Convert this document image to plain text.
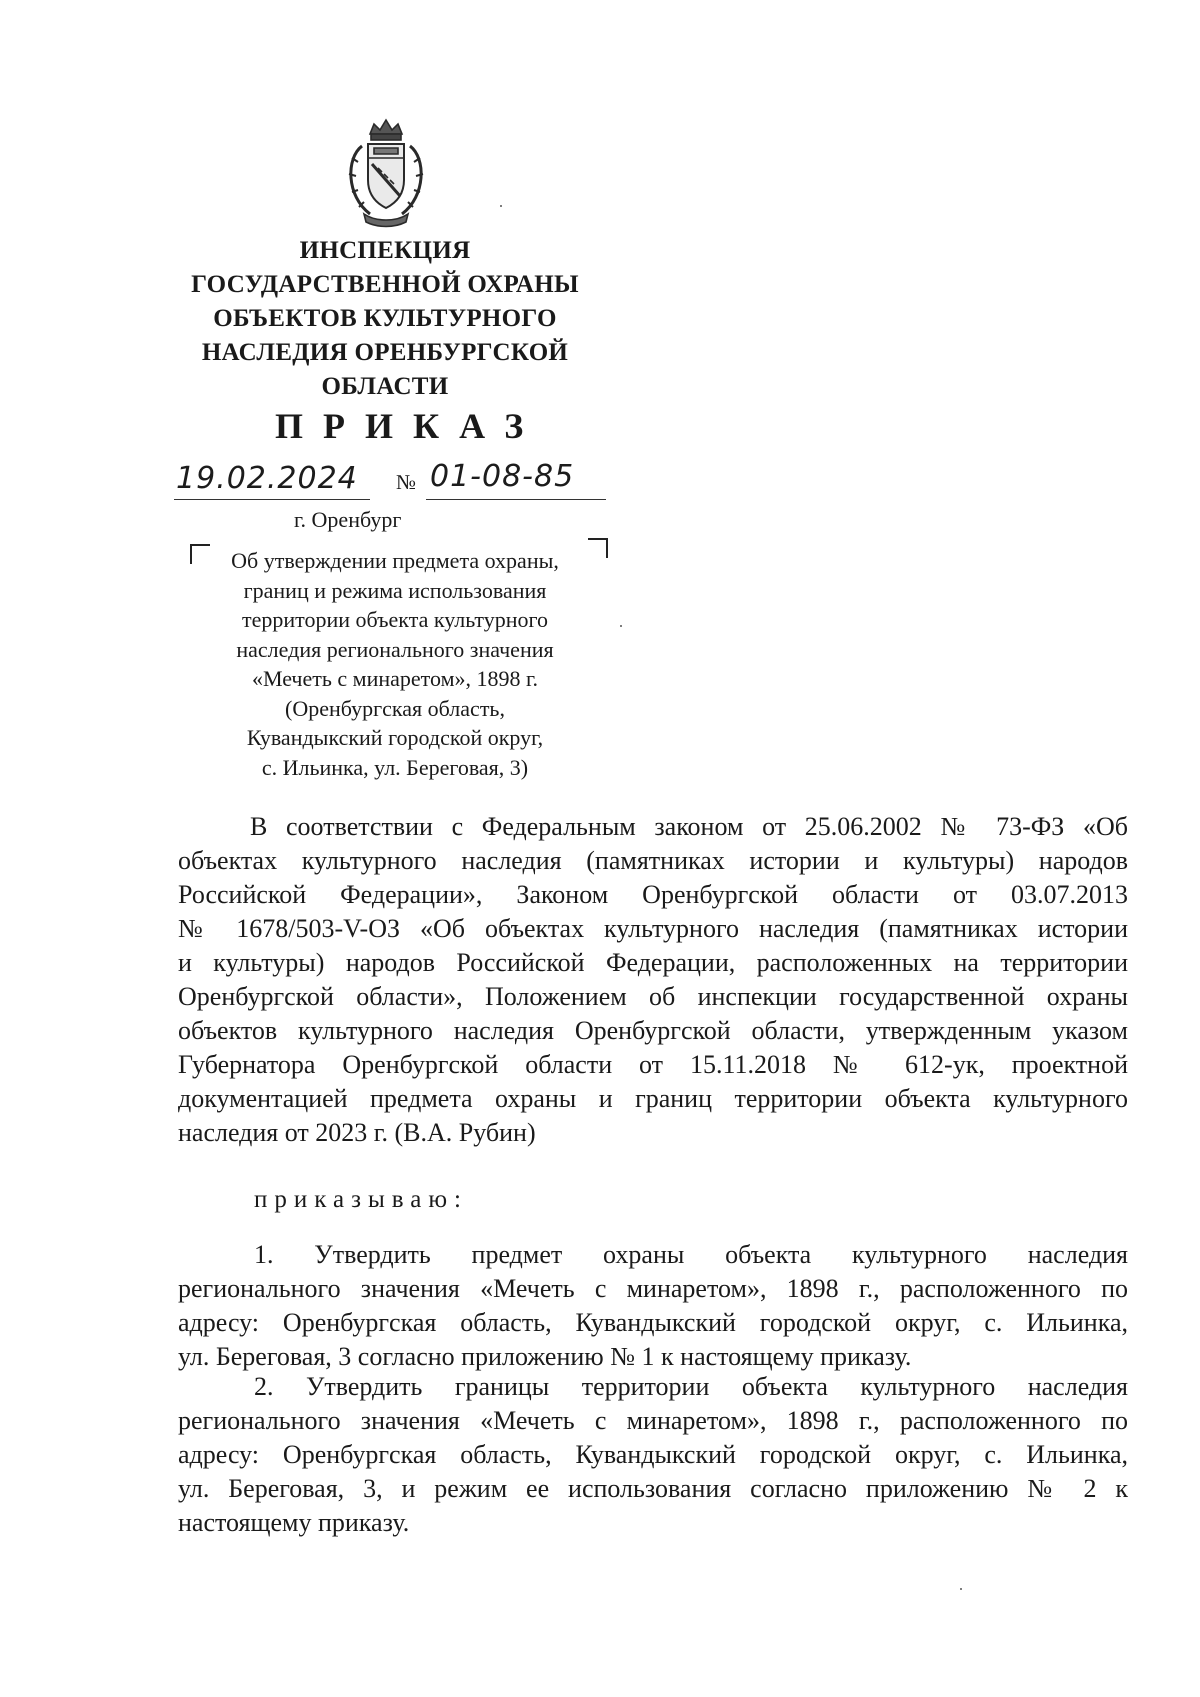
ИНСПЕКЦИЯ
ГОСУДАРСТВЕННОЙ ОХРАНЫ
ОБЪЕКТОВ КУЛЬТУРНОГО
НАСЛЕДИЯ ОРЕНБУРГСКОЙ
ОБЛАСТИ
ПРИКАЗ
19.02.2024 № 01-08-85
г. Оренбург
Об утверждении предмета охраны,
границ и режима использования
территории объекта культурного
наследия регионального значения
«Мечеть с минаретом», 1898 г.
(Оренбургская область,
Кувандыкский городской округ,
с. Ильинка, ул. Береговая, 3)
В соответствии с Федеральным законом от 25.06.2002 № 73-ФЗ «Об
объектах культурного наследия (памятниках истории и культуры) народов
Российской Федерации», Законом Оренбургской области от 03.07.2013
№ 1678/503-V-ОЗ «Об объектах культурного наследия (памятниках истории
и культуры) народов Российской Федерации, расположенных на территории
Оренбургской области», Положением об инспекции государственной охраны
объектов культурного наследия Оренбургской области, утвержденным указом
Губернатора Оренбургской области от 15.11.2018 № 612-ук, проектной
документацией предмета охраны и границ территории объекта культурного
наследия от 2023 г. (В.А. Рубин)
приказываю:
1. Утвердить предмет охраны объекта культурного наследия
регионального значения «Мечеть с минаретом», 1898 г., расположенного по
адресу: Оренбургская область, Кувандыкский городской округ, с. Ильинка,
ул. Береговая, 3 согласно приложению № 1 к настоящему приказу.
2. Утвердить границы территории объекта культурного наследия
регионального значения «Мечеть с минаретом», 1898 г., расположенного по
адресу: Оренбургская область, Кувандыкский городской округ, с. Ильинка,
ул. Береговая, 3, и режим ее использования согласно приложению № 2 к
настоящему приказу.
